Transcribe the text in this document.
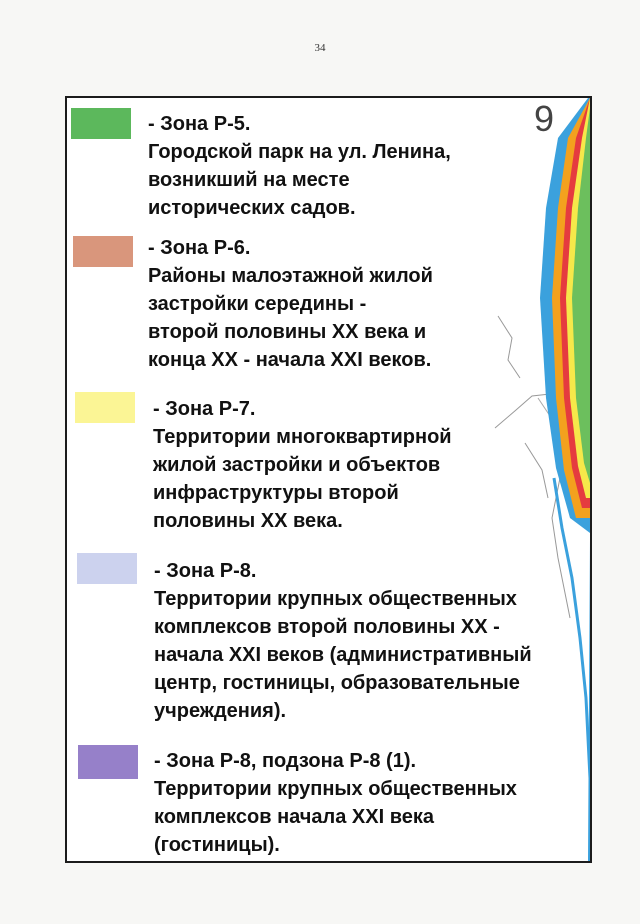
34
9
- Зона Р-5.
Городской парк на ул. Ленина,
возникший на месте
исторических садов.
- Зона Р-6.
Районы малоэтажной жилой
застройки середины -
второй половины XX века и
конца XX - начала XXI веков.
- Зона Р-7.
Территории многоквартирной
жилой застройки и объектов
инфраструктуры второй
половины XX века.
- Зона Р-8.
Территории крупных общественных
комплексов второй половины XX -
начала XXI веков (административный
центр, гостиницы, образовательные
учреждения).
- Зона Р-8, подзона Р-8 (1).
Территории крупных общественных
комплексов начала XXI века
(гостиницы).
